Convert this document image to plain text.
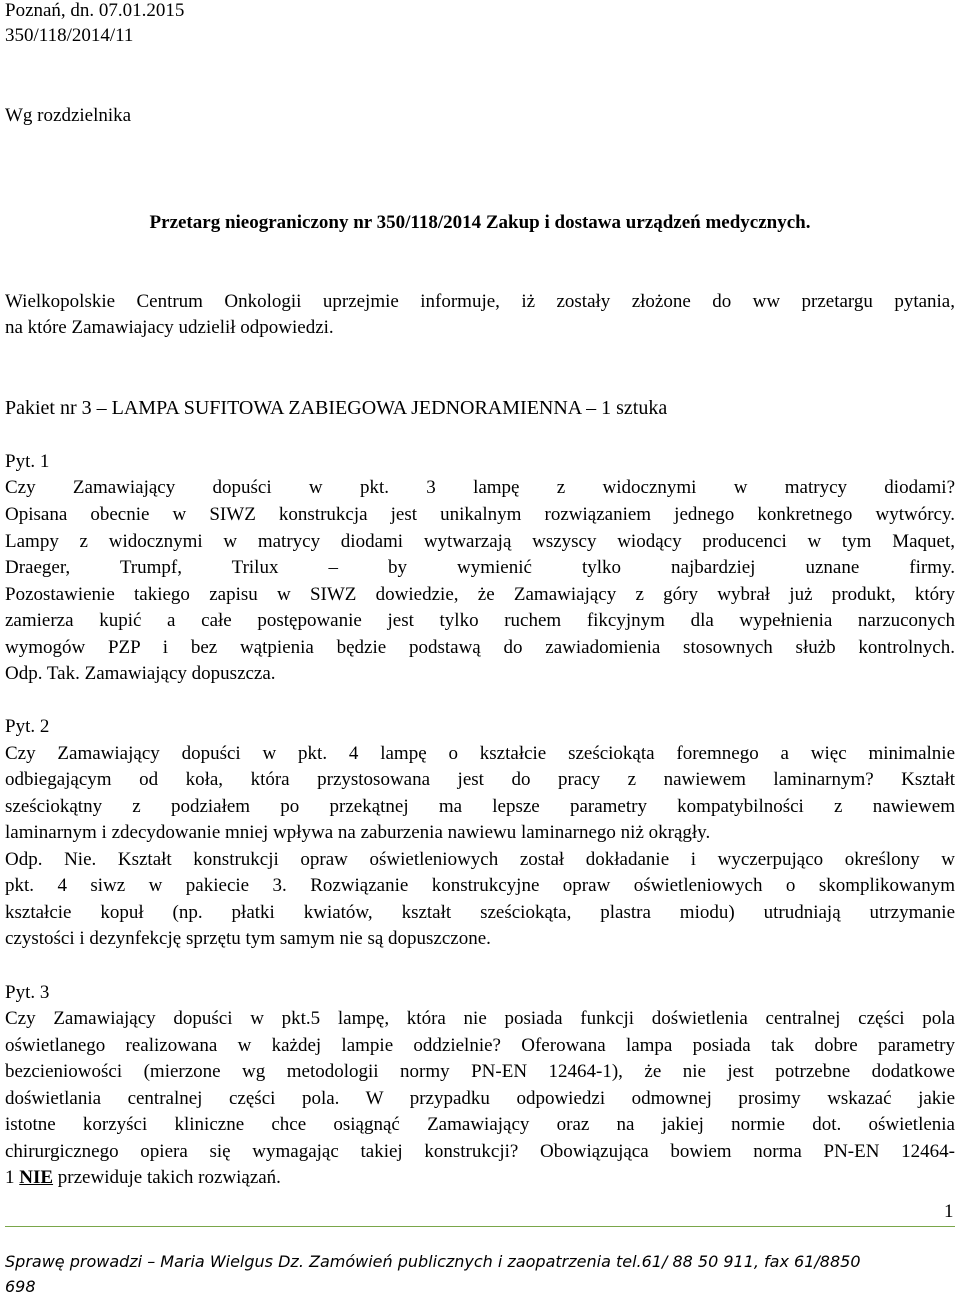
Poznań, dn. 07.01.2015
350/118/2014/11
Wg rozdzielnika
Przetarg nieograniczony nr 350/118/2014 Zakup i dostawa urządzeń medycznych.
Wielkopolskie Centrum Onkologii uprzejmie informuje, iż zostały złożone do ww przetargu pytania,
na które Zamawiajacy udzielił odpowiedzi.
Pakiet nr 3 – LAMPA SUFITOWA ZABIEGOWA JEDNORAMIENNA – 1 sztuka
Pyt. 1
Czy Zamawiający dopuści w pkt. 3 lampę z widocznymi w matrycy diodami?
Opisana obecnie w SIWZ konstrukcja jest unikalnym rozwiązaniem jednego konkretnego wytwórcy.
Lampy z widocznymi w matrycy diodami wytwarzają wszyscy wiodący producenci w tym Maquet,
Draeger, Trumpf, Trilux – by wymienić tylko najbardziej uznane firmy.
Pozostawienie takiego zapisu w SIWZ dowiedzie, że Zamawiający z góry wybrał już produkt, który
zamierza kupić a całe postępowanie jest tylko ruchem fikcyjnym dla wypełnienia narzuconych
wymogów PZP i bez wątpienia będzie podstawą do zawiadomienia stosownych służb kontrolnych.
Odp. Tak. Zamawiający dopuszcza.
Pyt. 2
Czy Zamawiający dopuści w pkt. 4 lampę o kształcie sześciokąta foremnego a więc minimalnie
odbiegającym od koła, która przystosowana jest do pracy z nawiewem laminarnym? Kształt
sześciokątny z podziałem po przekątnej ma lepsze parametry kompatybilności z nawiewem
laminarnym i zdecydowanie mniej wpływa na zaburzenia nawiewu laminarnego niż okrągły.
Odp. Nie. Kształt konstrukcji opraw oświetleniowych został dokładanie i wyczerpująco określony w
pkt. 4 siwz w pakiecie 3. Rozwiązanie konstrukcyjne opraw oświetleniowych o skomplikowanym
kształcie kopuł (np. płatki kwiatów, kształt sześciokąta, plastra miodu) utrudniają utrzymanie
czystości i dezynfekcję sprzętu tym samym nie są dopuszczone.
Pyt. 3
Czy Zamawiający dopuści w pkt.5 lampę, która nie posiada funkcji doświetlenia centralnej części pola
oświetlanego realizowana w każdej lampie oddzielnie? Oferowana lampa posiada tak dobre parametry
bezcieniowości (mierzone wg metodologii normy PN-EN 12464-1), że nie jest potrzebne dodatkowe
doświetlania centralnej części pola. W przypadku odpowiedzi odmownej prosimy wskazać jakie
istotne korzyści kliniczne chce osiągnąć Zamawiający oraz na jakiej normie dot. oświetlenia
chirurgicznego opiera się wymagając takiej konstrukcji? Obowiązująca bowiem norma PN-EN 12464-
1 NIE przewiduje takich rozwiązań.
1
Sprawę prowadzi – Maria Wielgus Dz. Zamówień publicznych i zaopatrzenia tel.61/ 88 50 911, fax 61/8850
698
